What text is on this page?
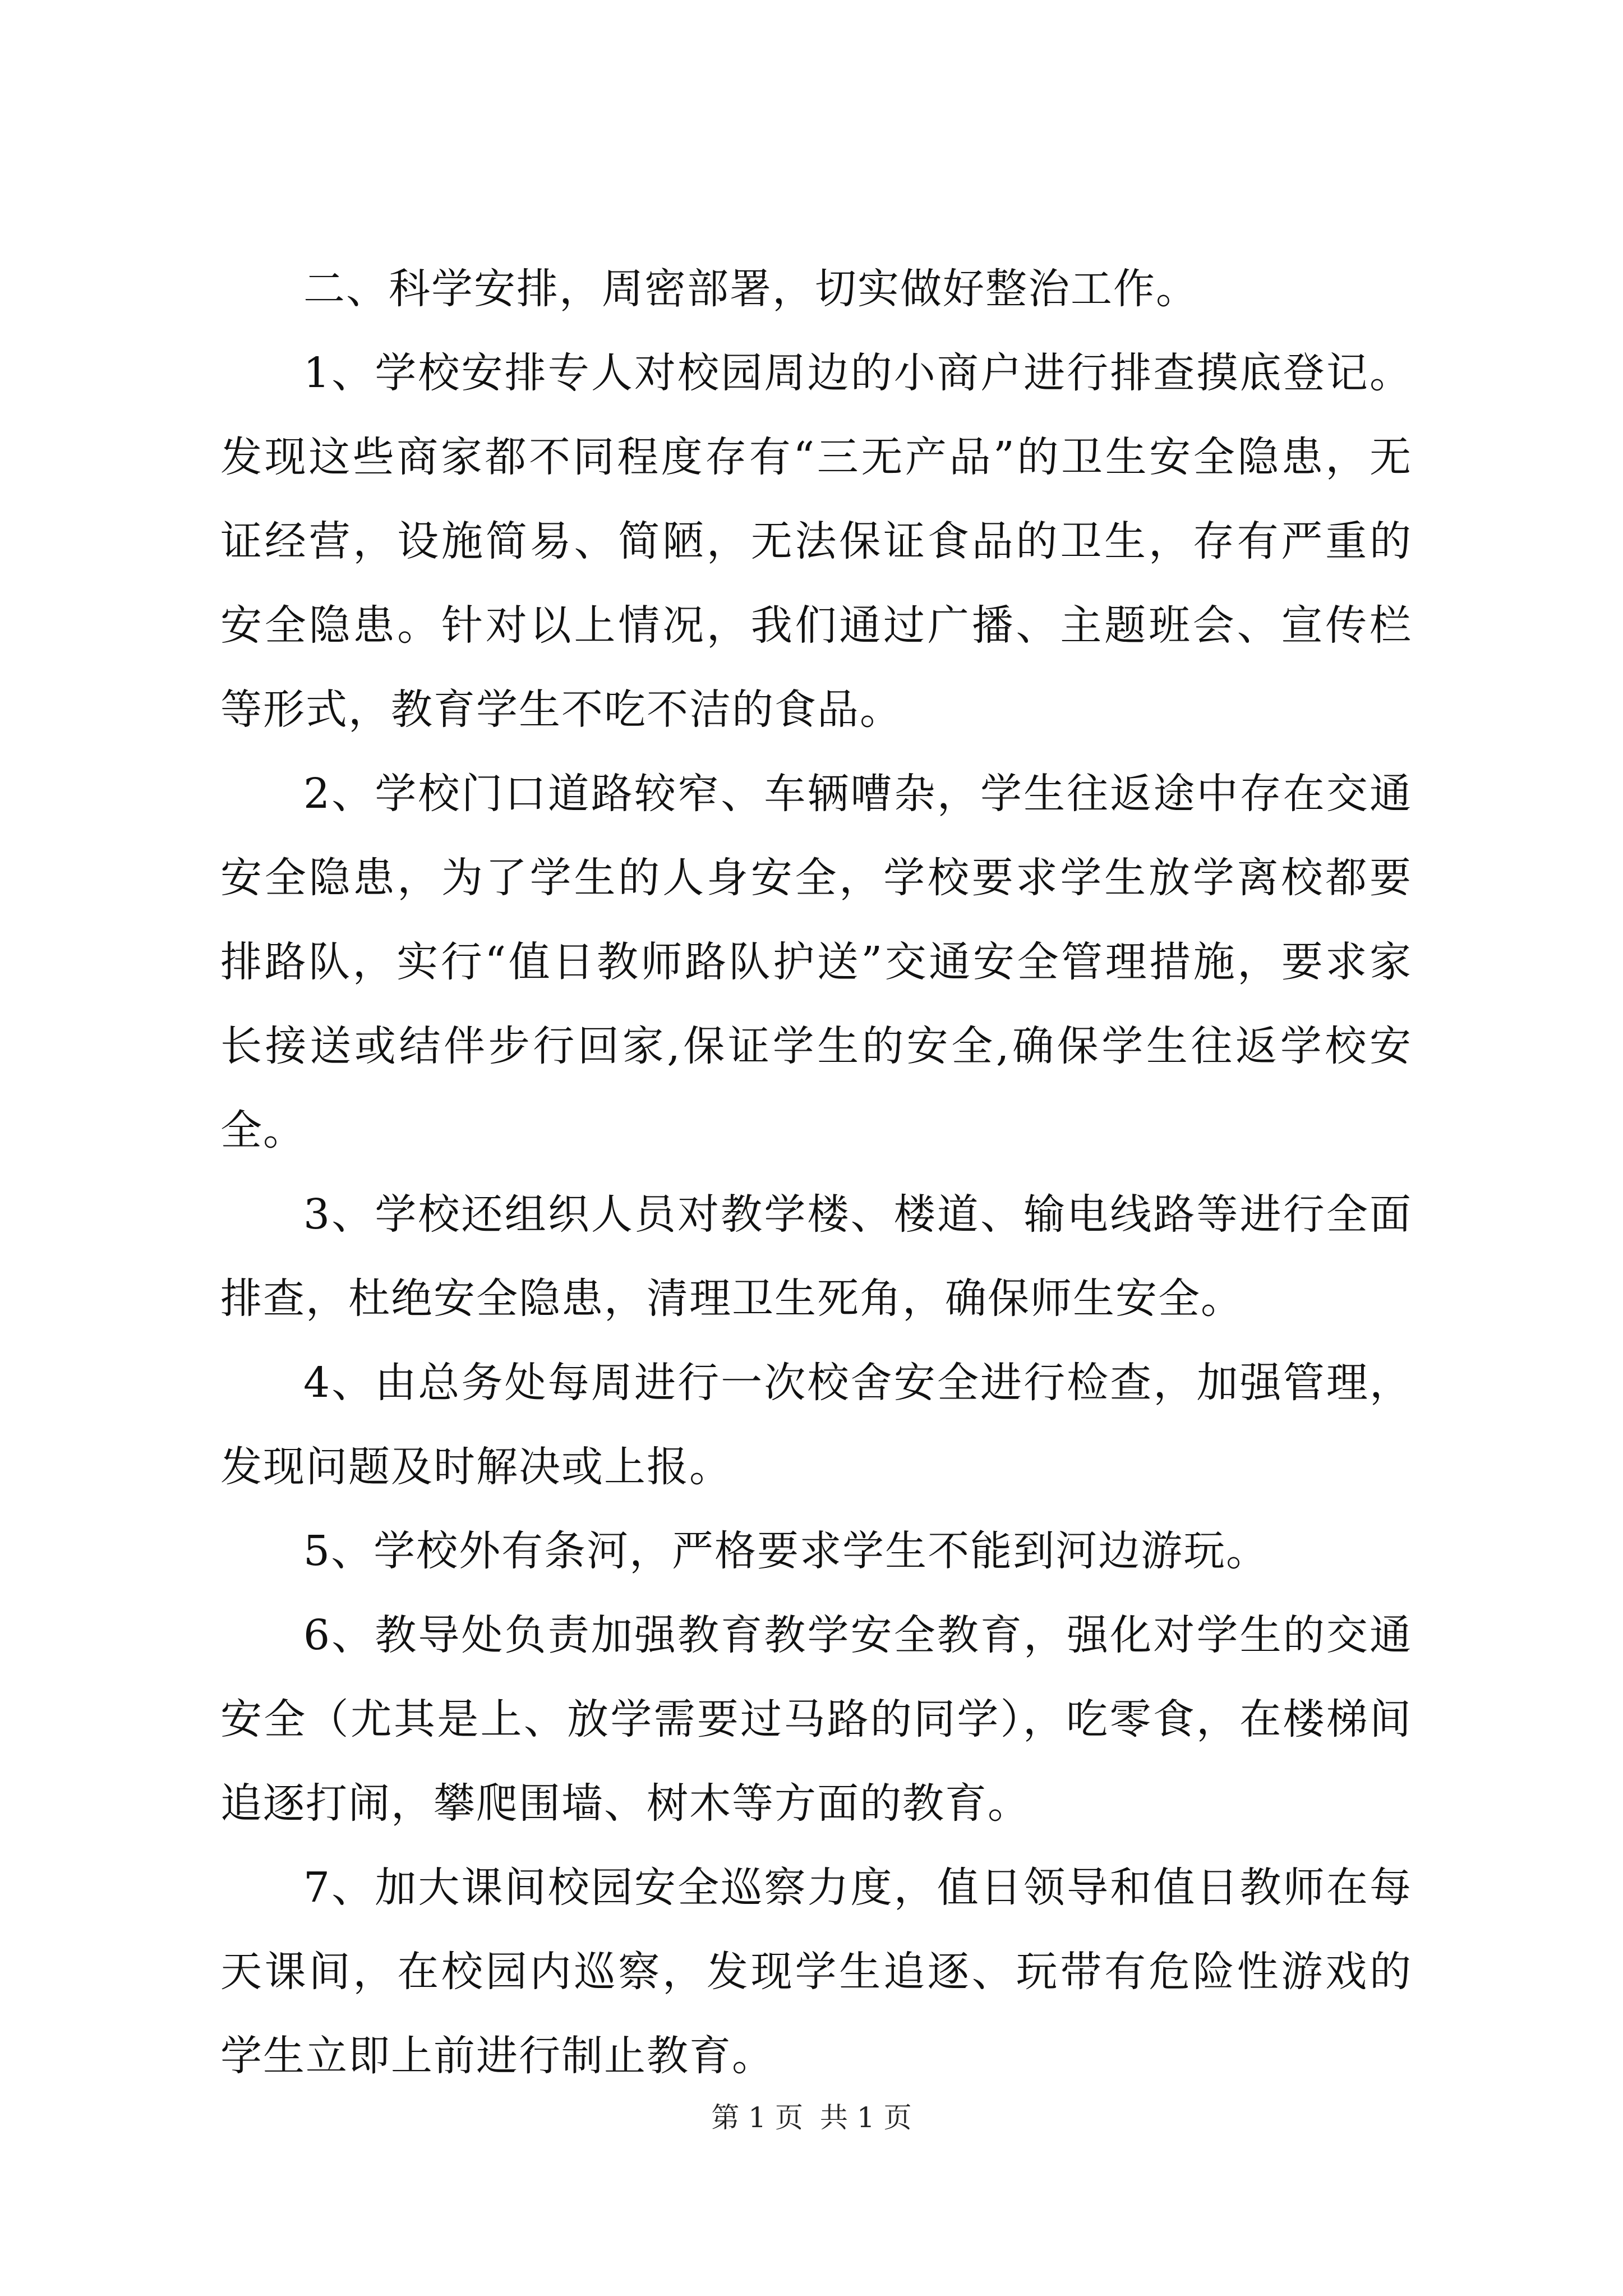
二、科学安排，周密部署，切实做好整治工作。

1、学校安排专人对校园周边的小商户进行排查摸底登记。发现这些商家都不同程度存有“三无产品”的卫生安全隐患，无证经营，设施简易、简陋，无法保证食品的卫生，存有严重的安全隐患。针对以上情况，我们通过广播、主题班会、宣传栏等形式，教育学生不吃不洁的食品。

2、学校门口道路较窄、车辆嘈杂，学生往返途中存在交通安全隐患，为了学生的人身安全，学校要求学生放学离校都要排路队，实行“值日教师路队护送”交通安全管理措施，要求家长接送或结伴步行回家,保证学生的安全,确保学生往返学校安全。

3、学校还组织人员对教学楼、楼道、输电线路等进行全面排查，杜绝安全隐患，清理卫生死角，确保师生安全。

4、由总务处每周进行一次校舍安全进行检查，加强管理，发现问题及时解决或上报。

5、学校外有条河，严格要求学生不能到河边游玩。

6、教导处负责加强教育教学安全教育，强化对学生的交通安全（尤其是上、放学需要过马路的同学），吃零食，在楼梯间追逐打闹，攀爬围墙、树木等方面的教育。

7、加大课间校园安全巡察力度，值日领导和值日教师在每天课间，在校园内巡察，发现学生追逐、玩带有危险性游戏的学生立即上前进行制止教育。

第 1 页 共 1 页
